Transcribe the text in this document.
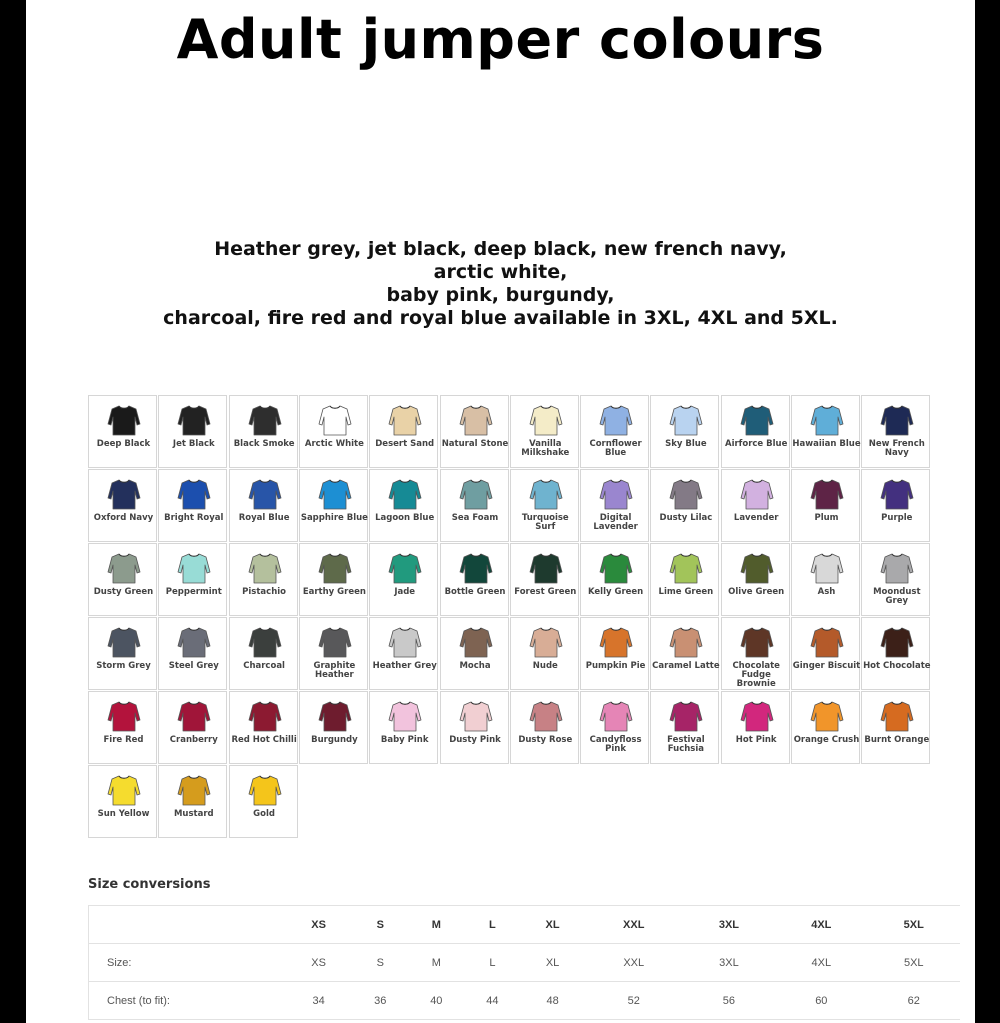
Adult jumper colours
Heather grey, jet black, deep black, new french navy,
arctic white,
baby pink, burgundy,
charcoal, fire red and royal blue available in 3XL, 4XL and 5XL.
Deep Black	Jet Black	Black Smoke	Arctic White	Desert Sand Natural Stone	Vanilla Milkshake
Cornflower Blue
Sky Blue	Airforce Blue Hawaiian Blue New French Navy
Oxford Navy	Bright Royal	Royal Blue	Sapphire Blue Lagoon Blue	Sea Foam	Turquoise Surf
Digital Lavender
Dusty Lilac	Lavender	Plum	Purple
Dusty Green	Peppermint	Pistachio	Earthy Green	Jade	Bottle Green	Forest Green	Kelly Green	Lime Green	Olive Green	Ash	Moondust Grey
Storm Grey	Steel Grey	Charcoal	Graphite Heather
Heather Grey	Mocha	Nude	Pumpkin Pie Caramel Latte	Chocolate Fudge Brownie
Ginger Biscuit Hot Chocolate
Fire Red	Cranberry	Red Hot Chilli	Burgundy	Baby Pink	Dusty Pink	Dusty Rose	Candyfloss Pink
Festival Fuchsia
Hot Pink	Orange Crush Burnt Orange
Sun Yellow	Mustard	Gold
Size conversions
	XS	S	M	L	XL	XXL	3XL	4XL	5XL
Size:	XS	S	M	L	XL	XXL	3XL	4XL	5XL
Chest (to fit):	34	36	40	44	48	52	56	60	62
